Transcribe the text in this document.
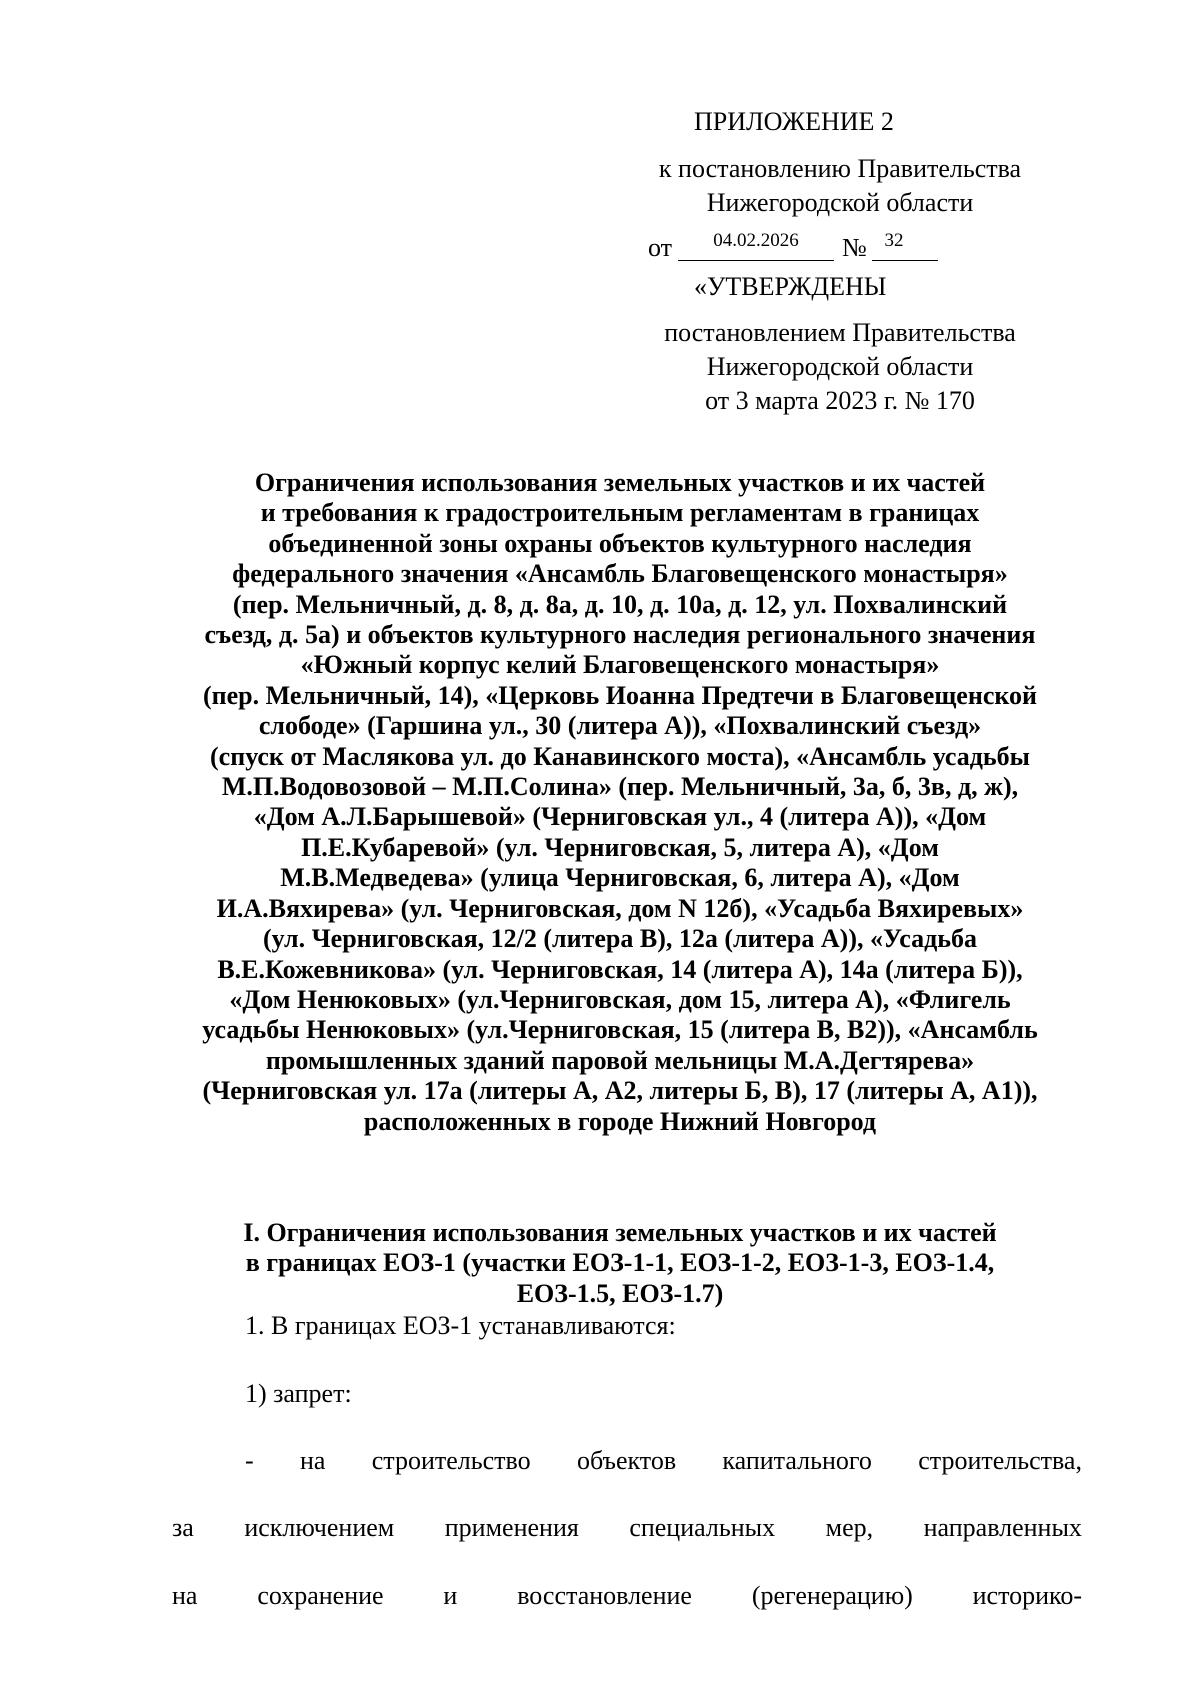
ПРИЛОЖЕНИЕ 2
к постановлению Правительства
Нижегородской области
от	04.02.2026	№ 32
«УТВЕРЖДЕНЫ
постановлением Правительства
Нижегородской области
от 3 марта 2023 г. № 170
Ограничения использования земельных участков и их частей
и требования к градостроительным регламентам в границах
объединенной зоны охраны объектов культурного наследия
федерального значения «Ансамбль Благовещенского монастыря»
(пер. Мельничный, д. 8, д. 8а, д. 10, д. 10а, д. 12, ул. Похвалинский
съезд, д. 5а) и объектов культурного наследия регионального значения
«Южный корпус келий Благовещенского монастыря»
(пер. Мельничный, 14), «Церковь Иоанна Предтечи в Благовещенской
слободе» (Гаршина ул., 30 (литера А)), «Похвалинский съезд»
(спуск от Маслякова ул. до Канавинского моста), «Ансамбль усадьбы
М.П.Водовозовой – М.П.Солина» (пер. Мельничный, 3а, б, 3в, д, ж),
«Дом А.Л.Барышевой» (Черниговская ул., 4 (литера А)), «Дом
П.Е.Кубаревой» (ул. Черниговская, 5, литера А), «Дом
М.В.Медведева» (улица Черниговская, 6, литера А), «Дом
И.А.Вяхирева» (ул. Черниговская, дом N 12б), «Усадьба Вяхиревых»
(ул. Черниговская, 12/2 (литера В), 12а (литера А)), «Усадьба
В.Е.Кожевникова» (ул. Черниговская, 14 (литера А), 14а (литера Б)),
«Дом Ненюковых» (ул.Черниговская, дом 15, литера А), «Флигель
усадьбы Ненюковых» (ул.Черниговская, 15 (литера В, В2)), «Ансамбль
промышленных зданий паровой мельницы М.А.Дегтярева»
(Черниговская ул. 17а (литеры А, А2, литеры Б, В), 17 (литеры А, А1)),
расположенных в городе Нижний Новгород
I. Ограничения использования земельных участков и их частей
в границах ЕОЗ-1 (участки ЕОЗ-1-1, ЕОЗ-1-2, ЕОЗ-1-3, ЕОЗ-1.4,
ЕОЗ-1.5, ЕОЗ-1.7)
1. В границах ЕОЗ-1 устанавливаются:
1) запрет:
- на строительство объектов капитального строительства,
за исключением применения специальных мер, направленных
на сохранение и восстановление (регенерацию) историко-
